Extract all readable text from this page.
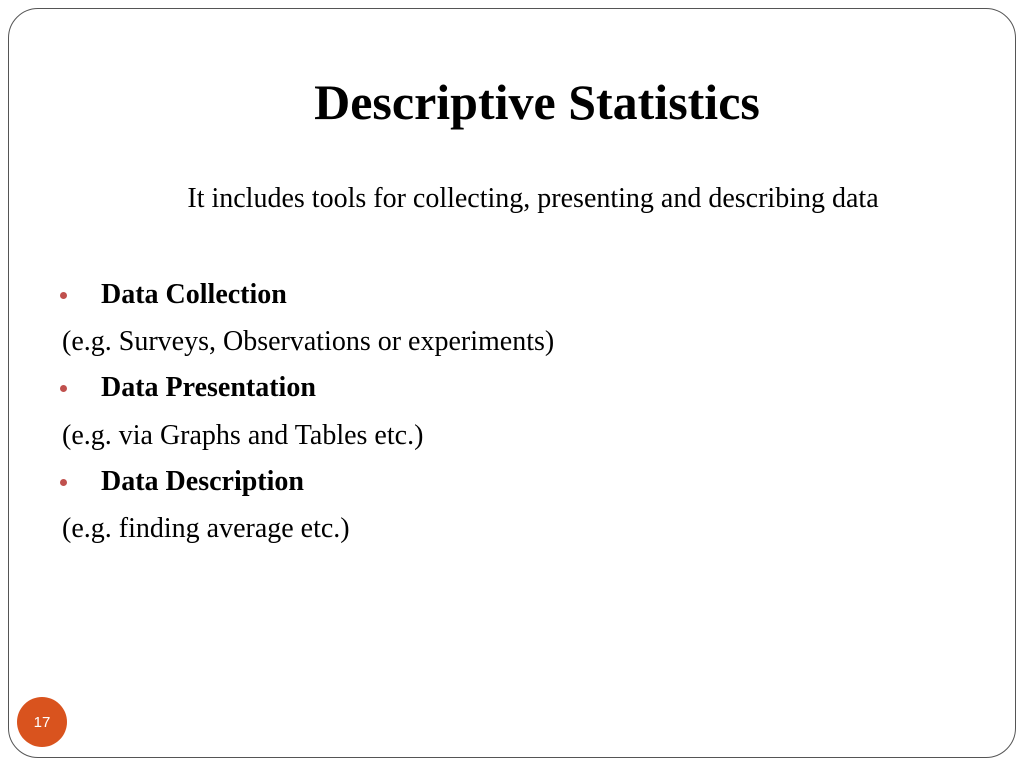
Descriptive Statistics
It includes tools for collecting, presenting and describing data
Data Collection
(e.g. Surveys, Observations or experiments)
Data Presentation
(e.g. via Graphs and Tables etc.)
Data Description
(e.g. finding average etc.)
17
